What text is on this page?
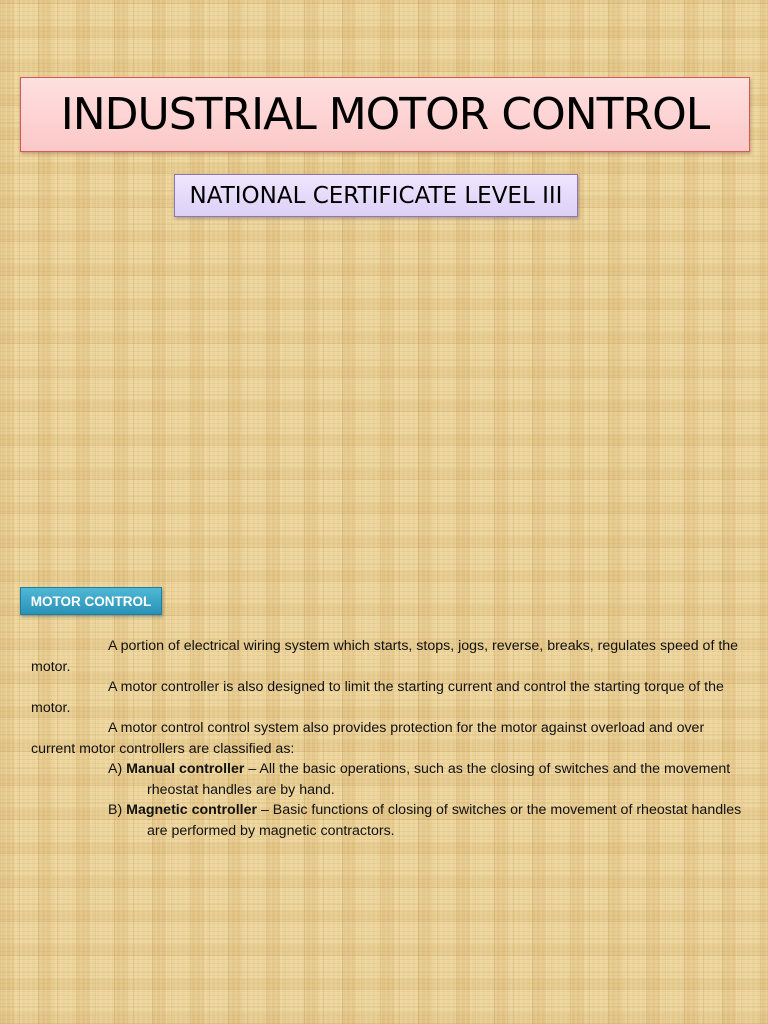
INDUSTRIAL MOTOR CONTROL
NATIONAL CERTIFICATE LEVEL III
MOTOR CONTROL

A portion of electrical wiring system which starts, stops, jogs, reverse, breaks, regulates speed of the motor.

A motor controller is also designed to limit the starting current and control the starting torque of the motor.

A motor control control system also provides protection for the motor against overload and over current motor controllers are classified as:

A) Manual controller – All the basic operations, such as the closing of switches and the movement rheostat handles are by hand.

B) Magnetic controller – Basic functions of closing of switches or the movement of rheostat handles are performed by magnetic contractors.
